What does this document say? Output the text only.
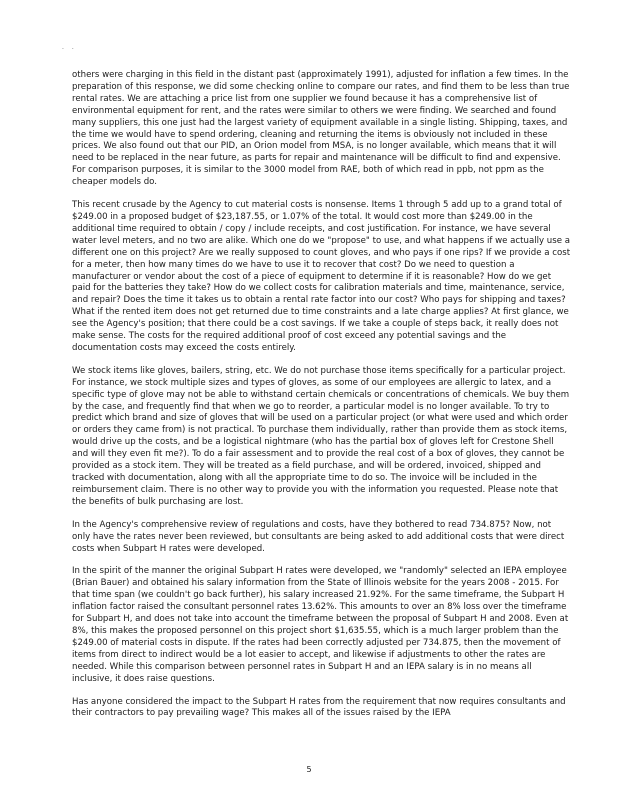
. .

others were charging in this field in the distant past (approximately 1991), adjusted for inflation a few times. In the preparation of this response, we did some checking online to compare our rates, and find them to be less than true rental rates. We are attaching a price list from one supplier we found because it has a comprehensive list of environmental equipment for rent, and the rates were similar to others we were finding. We searched and found many suppliers, this one just had the largest variety of equipment available in a single listing. Shipping, taxes, and the time we would have to spend ordering, cleaning and returning the items is obviously not included in these prices. We also found out that our PID, an Orion model from MSA, is no longer available, which means that it will need to be replaced in the near future, as parts for repair and maintenance will be difficult to find and expensive. For comparison purposes, it is similar to the 3000 model from RAE, both of which read in ppb, not ppm as the cheaper models do.

This recent crusade by the Agency to cut material costs is nonsense. Items 1 through 5 add up to a grand total of $249.00 in a proposed budget of $23,187.55, or 1.07% of the total. It would cost more than $249.00 in the additional time required to obtain / copy / include receipts, and cost justification. For instance, we have several water level meters, and no two are alike. Which one do we "propose" to use, and what happens if we actually use a different one on this project? Are we really supposed to count gloves, and who pays if one rips? If we provide a cost for a meter, then how many times do we have to use it to recover that cost? Do we need to question a manufacturer or vendor about the cost of a piece of equipment to determine if it is reasonable? How do we get paid for the batteries they take? How do we collect costs for calibration materials and time, maintenance, service, and repair? Does the time it takes us to obtain a rental rate factor into our cost? Who pays for shipping and taxes? What if the rented item does not get returned due to time constraints and a late charge applies? At first glance, we see the Agency's position; that there could be a cost savings. If we take a couple of steps back, it really does not make sense. The costs for the required additional proof of cost exceed any potential savings and the documentation costs may exceed the costs entirely.

We stock items like gloves, bailers, string, etc. We do not purchase those items specifically for a particular project. For instance, we stock multiple sizes and types of gloves, as some of our employees are allergic to latex, and a specific type of glove may not be able to withstand certain chemicals or concentrations of chemicals. We buy them by the case, and frequently find that when we go to reorder, a particular model is no longer available. To try to predict which brand and size of gloves that will be used on a particular project (or what were used and which order or orders they came from) is not practical. To purchase them individually, rather than provide them as stock items, would drive up the costs, and be a logistical nightmare (who has the partial box of gloves left for Crestone Shell and will they even fit me?). To do a fair assessment and to provide the real cost of a box of gloves, they cannot be provided as a stock item. They will be treated as a field purchase, and will be ordered, invoiced, shipped and tracked with documentation, along with all the appropriate time to do so. The invoice will be included in the reimbursement claim. There is no other way to provide you with the information you requested. Please note that the benefits of bulk purchasing are lost.

In the Agency's comprehensive review of regulations and costs, have they bothered to read 734.875? Now, not only have the rates never been reviewed, but consultants are being asked to add additional costs that were direct costs when Subpart H rates were developed.

In the spirit of the manner the original Subpart H rates were developed, we "randomly" selected an IEPA employee (Brian Bauer) and obtained his salary information from the State of Illinois website for the years 2008 - 2015. For that time span (we couldn't go back further), his salary increased 21.92%. For the same timeframe, the Subpart H inflation factor raised the consultant personnel rates 13.62%. This amounts to over an 8% loss over the timeframe for Subpart H, and does not take into account the timeframe between the proposal of Subpart H and 2008. Even at 8%, this makes the proposed personnel on this project short $1,635.55, which is a much larger problem than the $249.00 of material costs in dispute. If the rates had been correctly adjusted per 734.875, then the movement of items from direct to indirect would be a lot easier to accept, and likewise if adjustments to other the rates are needed. While this comparison between personnel rates in Subpart H and an IEPA salary is in no means all inclusive, it does raise questions.

Has anyone considered the impact to the Subpart H rates from the requirement that now requires consultants and their contractors to pay prevailing wage? This makes all of the issues raised by the IEPA

5
